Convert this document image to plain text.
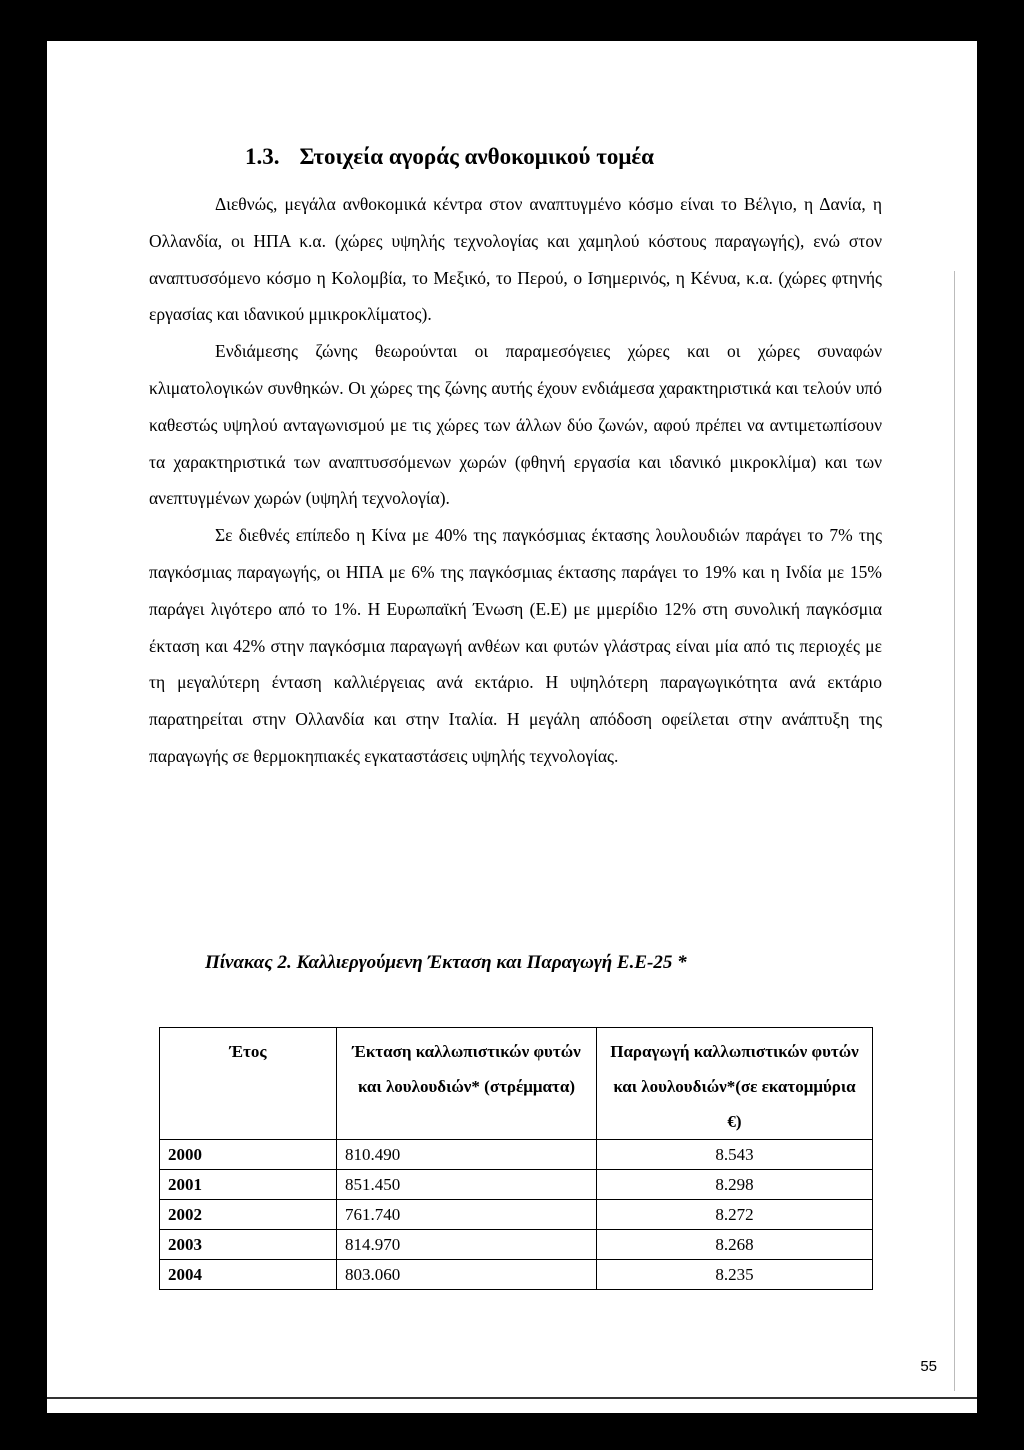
1.3. Στοιχεία αγοράς ανθοκομικού τομέα

Διεθνώς, μεγάλα ανθοκομικά κέντρα στον αναπτυγμένο κόσμο είναι το Βέλγιο, η Δανία, η Ολλανδία, οι ΗΠΑ κ.α. (χώρες υψηλής τεχνολογίας και χαμηλού κόστους παραγωγής), ενώ στον αναπτυσσόμενο κόσμο η Κολομβία, το Μεξικό, το Περού, ο Ισημερινός, η Κένυα, κ.α. (χώρες φτηνής εργασίας και ιδανικού μμικροκλίματος).

Ενδιάμεσης ζώνης θεωρούνται οι παραμεσόγειες χώρες και οι χώρες συναφών κλιματολογικών συνθηκών. Οι χώρες της ζώνης αυτής έχουν ενδιάμεσα χαρακτηριστικά και τελούν υπό καθεστώς υψηλού ανταγωνισμού με τις χώρες των άλλων δύο ζωνών, αφού πρέπει να αντιμετωπίσουν τα χαρακτηριστικά των αναπτυσσόμενων χωρών (φθηνή εργασία και ιδανικό μικροκλίμα) και των ανεπτυγμένων χωρών (υψηλή τεχνολογία).

Σε διεθνές επίπεδο η Κίνα με 40% της παγκόσμιας έκτασης λουλουδιών παράγει το 7% της παγκόσμιας παραγωγής, οι ΗΠΑ με 6% της παγκόσμιας έκτασης παράγει το 19% και η Ινδία με 15% παράγει λιγότερο από το 1%. Η Ευρωπαϊκή Ένωση (Ε.Ε) με μμερίδιο 12% στη συνολική παγκόσμια έκταση και 42% στην παγκόσμια παραγωγή ανθέων και φυτών γλάστρας είναι μία από τις περιοχές με τη μεγαλύτερη ένταση καλλιέργειας ανά εκτάριο. Η υψηλότερη παραγωγικότητα ανά εκτάριο παρατηρείται στην Ολλανδία και στην Ιταλία. Η μεγάλη απόδοση οφείλεται στην ανάπτυξη της παραγωγής σε θερμοκηπιακές εγκαταστάσεις υψηλής τεχνολογίας.

Πίνακας 2. Καλλιεργούμενη Έκταση και Παραγωγή Ε.Ε-25 *
Έτος	Έκταση καλλωπιστικών φυτών και λουλουδιών* (στρέμματα)	Παραγωγή καλλωπιστικών φυτών και λουλουδιών*(σε εκατομμύρια €)
2000	810.490	8.543
2001	851.450	8.298
2002	761.740	8.272
2003	814.970	8.268
2004	803.060	8.235
55
